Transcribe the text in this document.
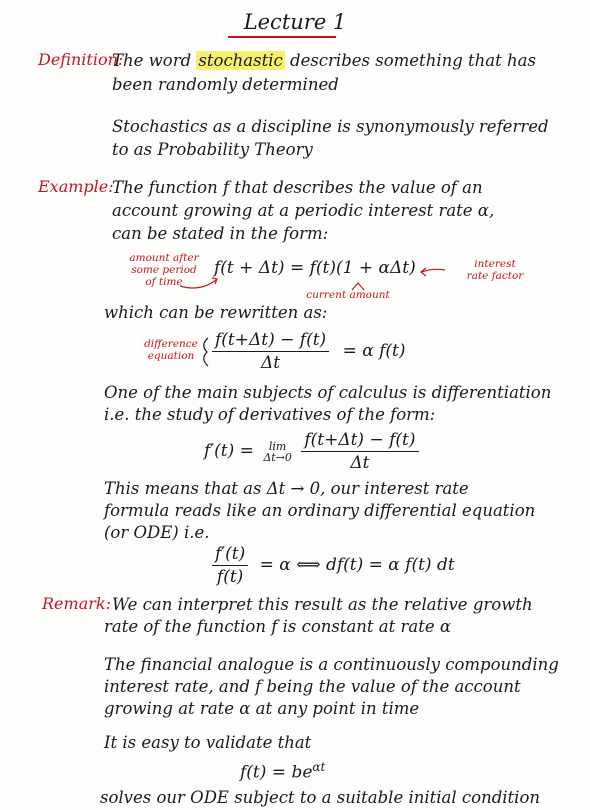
Lecture 1
Definition:
The word stochastic describes something that has
been randomly determined
Stochastics as a discipline is synonymously referred
to as Probability Theory
Example:
The function f that describes the value of an
account growing at a periodic interest rate α,
can be stated in the form:
amount after
some period
of time
f(t + Δt) = f(t)(1 + αΔt)	interest
rate factor
current amount
which can be rewritten as:
difference
equation	$\frac{f(t+\Delta t) - f(t)}{\Delta t} = \alpha$ f(t)
One of the main subjects of calculus is differentiation
i.e. the study of derivatives of the form:
f′(t) = lim
Δt→0
$\frac{f(t+\Delta t) - f(t)}{\Delta t}$
This means that as Δt → 0, our interest rate
formula reads like an ordinary differential equation
(or ODE) i.e.
$\frac{f'(t)}{f(t)} = \alpha$ ⟺ df(t) = α f(t) dt
Remark: We can interpret this result as the relative growth
rate of the function f is constant at rate α
The financial analogue is a continuously compounding
interest rate, and f being the value of the account
growing at rate α at any point in time
It is easy to validate that
$f(t) = be^{\alpha t}$
solves our ODE subject to a suitable initial condition
